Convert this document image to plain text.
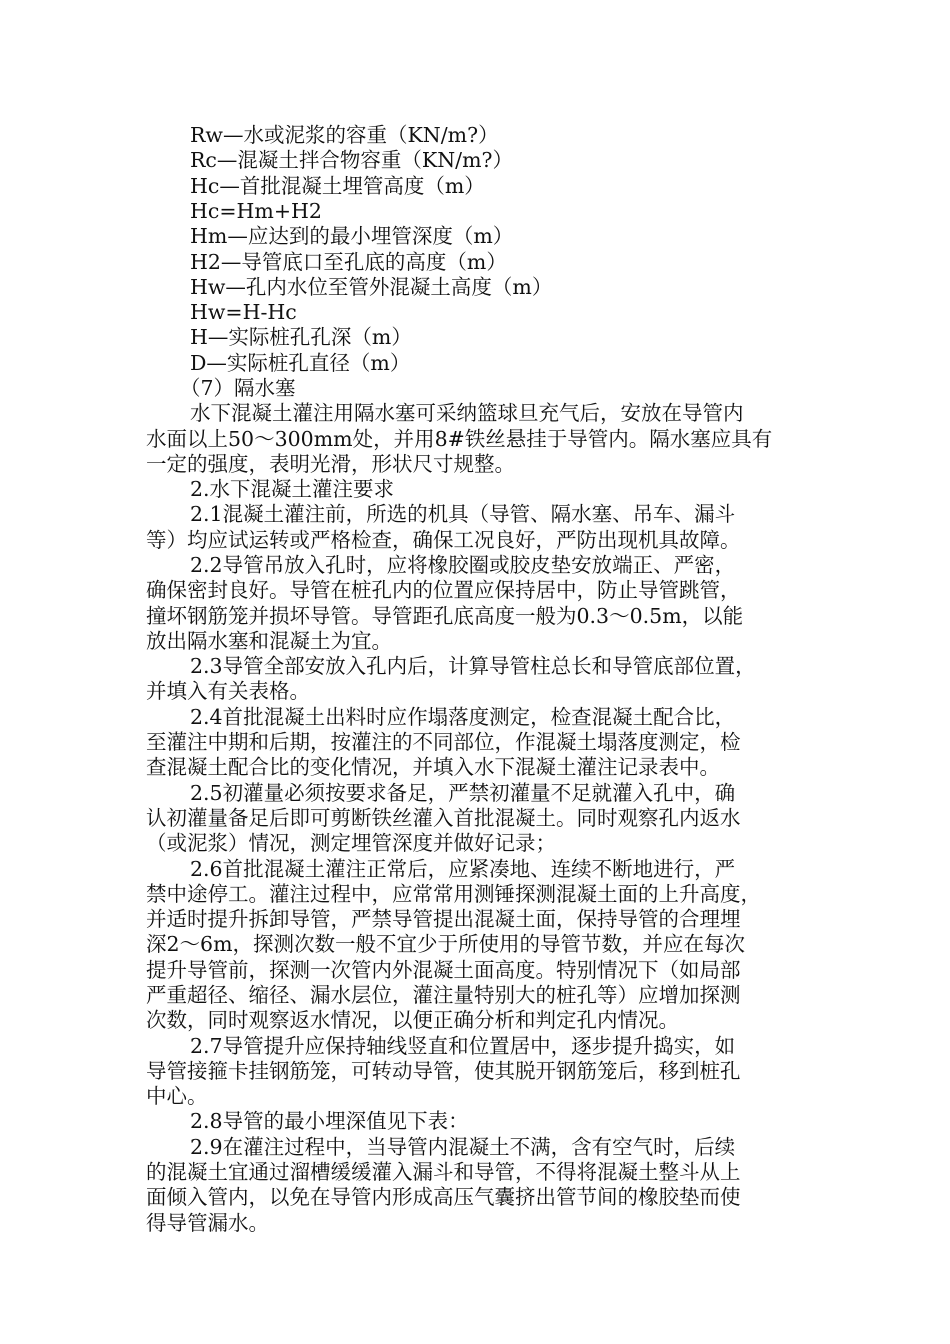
Rw—水或泥浆的容重（KN/m?）
Rc—混凝土拌合物容重（KN/m?）
Hc—首批混凝土埋管高度（m）
Hc=Hm+H2
Hm—应达到的最小埋管深度（m）
H2—导管底口至孔底的高度（m）
Hw—孔内水位至管外混凝土高度（m）
Hw=H-Hc
H—实际桩孔孔深（m）
D—实际桩孔直径（m）
（7）隔水塞
水下混凝土灌注用隔水塞可采纳篮球旦充气后，安放在导管内
水面以上50～300mm处，并用8#铁丝悬挂于导管内。隔水塞应具有
一定的强度，表明光滑，形状尺寸规整。
2.水下混凝土灌注要求
2.1混凝土灌注前，所选的机具（导管、隔水塞、吊车、漏斗
等）均应试运转或严格检查，确保工况良好，严防出现机具故障。
2.2导管吊放入孔时，应将橡胶圈或胶皮垫安放端正、严密，
确保密封良好。导管在桩孔内的位置应保持居中，防止导管跳管，
撞坏钢筋笼并损坏导管。导管距孔底高度一般为0.3～0.5m，以能
放出隔水塞和混凝土为宜。
2.3导管全部安放入孔内后，计算导管柱总长和导管底部位置，
并填入有关表格。
2.4首批混凝土出料时应作塌落度测定，检查混凝土配合比，
至灌注中期和后期，按灌注的不同部位，作混凝土塌落度测定，检
查混凝土配合比的变化情况，并填入水下混凝土灌注记录表中。
2.5初灌量必须按要求备足，严禁初灌量不足就灌入孔中，确
认初灌量备足后即可剪断铁丝灌入首批混凝土。同时观察孔内返水
（或泥浆）情况，测定埋管深度并做好记录；
2.6首批混凝土灌注正常后，应紧凑地、连续不断地进行，严
禁中途停工。灌注过程中，应常常用测锤探测混凝土面的上升高度，
并适时提升拆卸导管，严禁导管提出混凝土面，保持导管的合理埋
深2～6m，探测次数一般不宜少于所使用的导管节数，并应在每次
提升导管前，探测一次管内外混凝土面高度。特别情况下（如局部
严重超径、缩径、漏水层位，灌注量特别大的桩孔等）应增加探测
次数，同时观察返水情况，以便正确分析和判定孔内情况。
2.7导管提升应保持轴线竖直和位置居中，逐步提升捣实，如
导管接箍卡挂钢筋笼，可转动导管，使其脱开钢筋笼后，移到桩孔
中心。
2.8导管的最小埋深值见下表：
2.9在灌注过程中，当导管内混凝土不满，含有空气时，后续
的混凝土宜通过溜槽缓缓灌入漏斗和导管，不得将混凝土整斗从上
面倾入管内，以免在导管内形成高压气囊挤出管节间的橡胶垫而使
得导管漏水。
